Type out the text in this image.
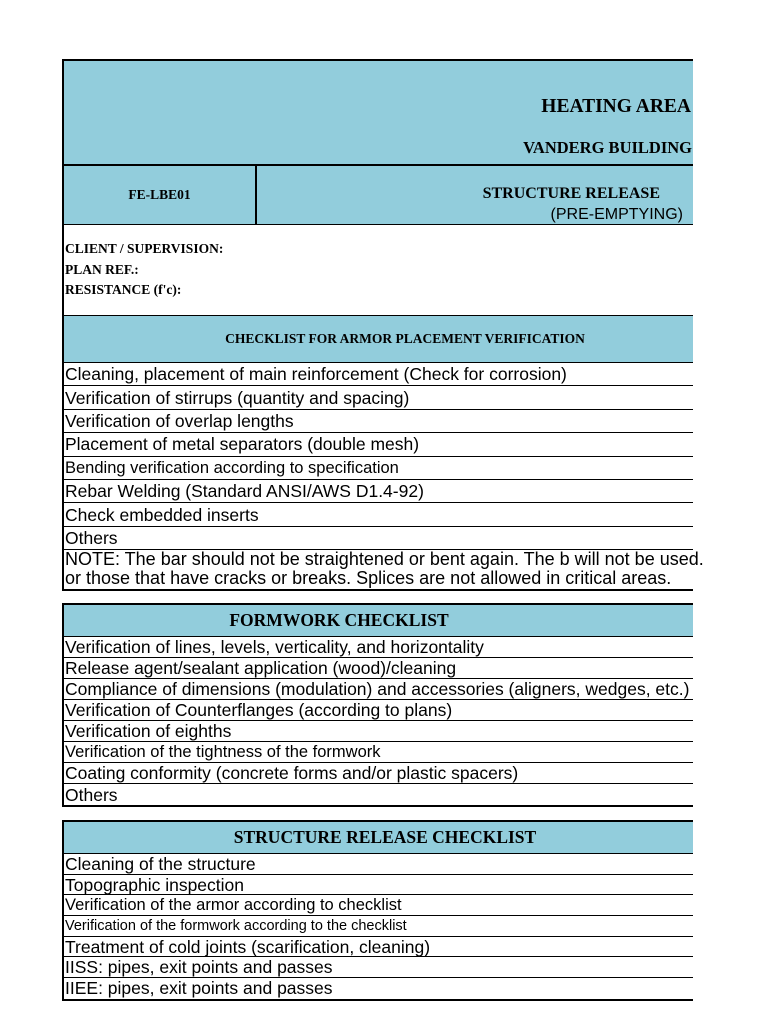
HEATING AREA
VANDERG BUILDING
FE-LBE01	STRUCTURE RELEASE
(PRE-EMPTYING)
CLIENT / SUPERVISION:
PLAN REF.:
RESISTANCE (f'c):
CHECKLIST FOR ARMOR PLACEMENT VERIFICATION
Cleaning, placement of main reinforcement (Check for corrosion)
Verification of stirrups (quantity and spacing)
Verification of overlap lengths
Placement of metal separators (double mesh)
Bending verification according to specification
Rebar Welding (Standard ANSI/AWS D1.4-92)
Check embedded inserts
Others
NOTE: The bar should not be straightened or bent again. The b will not be used.
or those that have cracks or breaks. Splices are not allowed in critical areas.
FORMWORK CHECKLIST
Verification of lines, levels, verticality, and horizontality
Release agent/sealant application (wood)/cleaning
Compliance of dimensions (modulation) and accessories (aligners, wedges, etc.)
Verification of Counterflanges (according to plans)
Verification of eighths
Verification of the tightness of the formwork
Coating conformity (concrete forms and/or plastic spacers)
Others
STRUCTURE RELEASE CHECKLIST
Cleaning of the structure
Topographic inspection
Verification of the armor according to checklist
Verification of the formwork according to the checklist
Treatment of cold joints (scarification, cleaning)
IISS: pipes, exit points and passes
IIEE: pipes, exit points and passes
